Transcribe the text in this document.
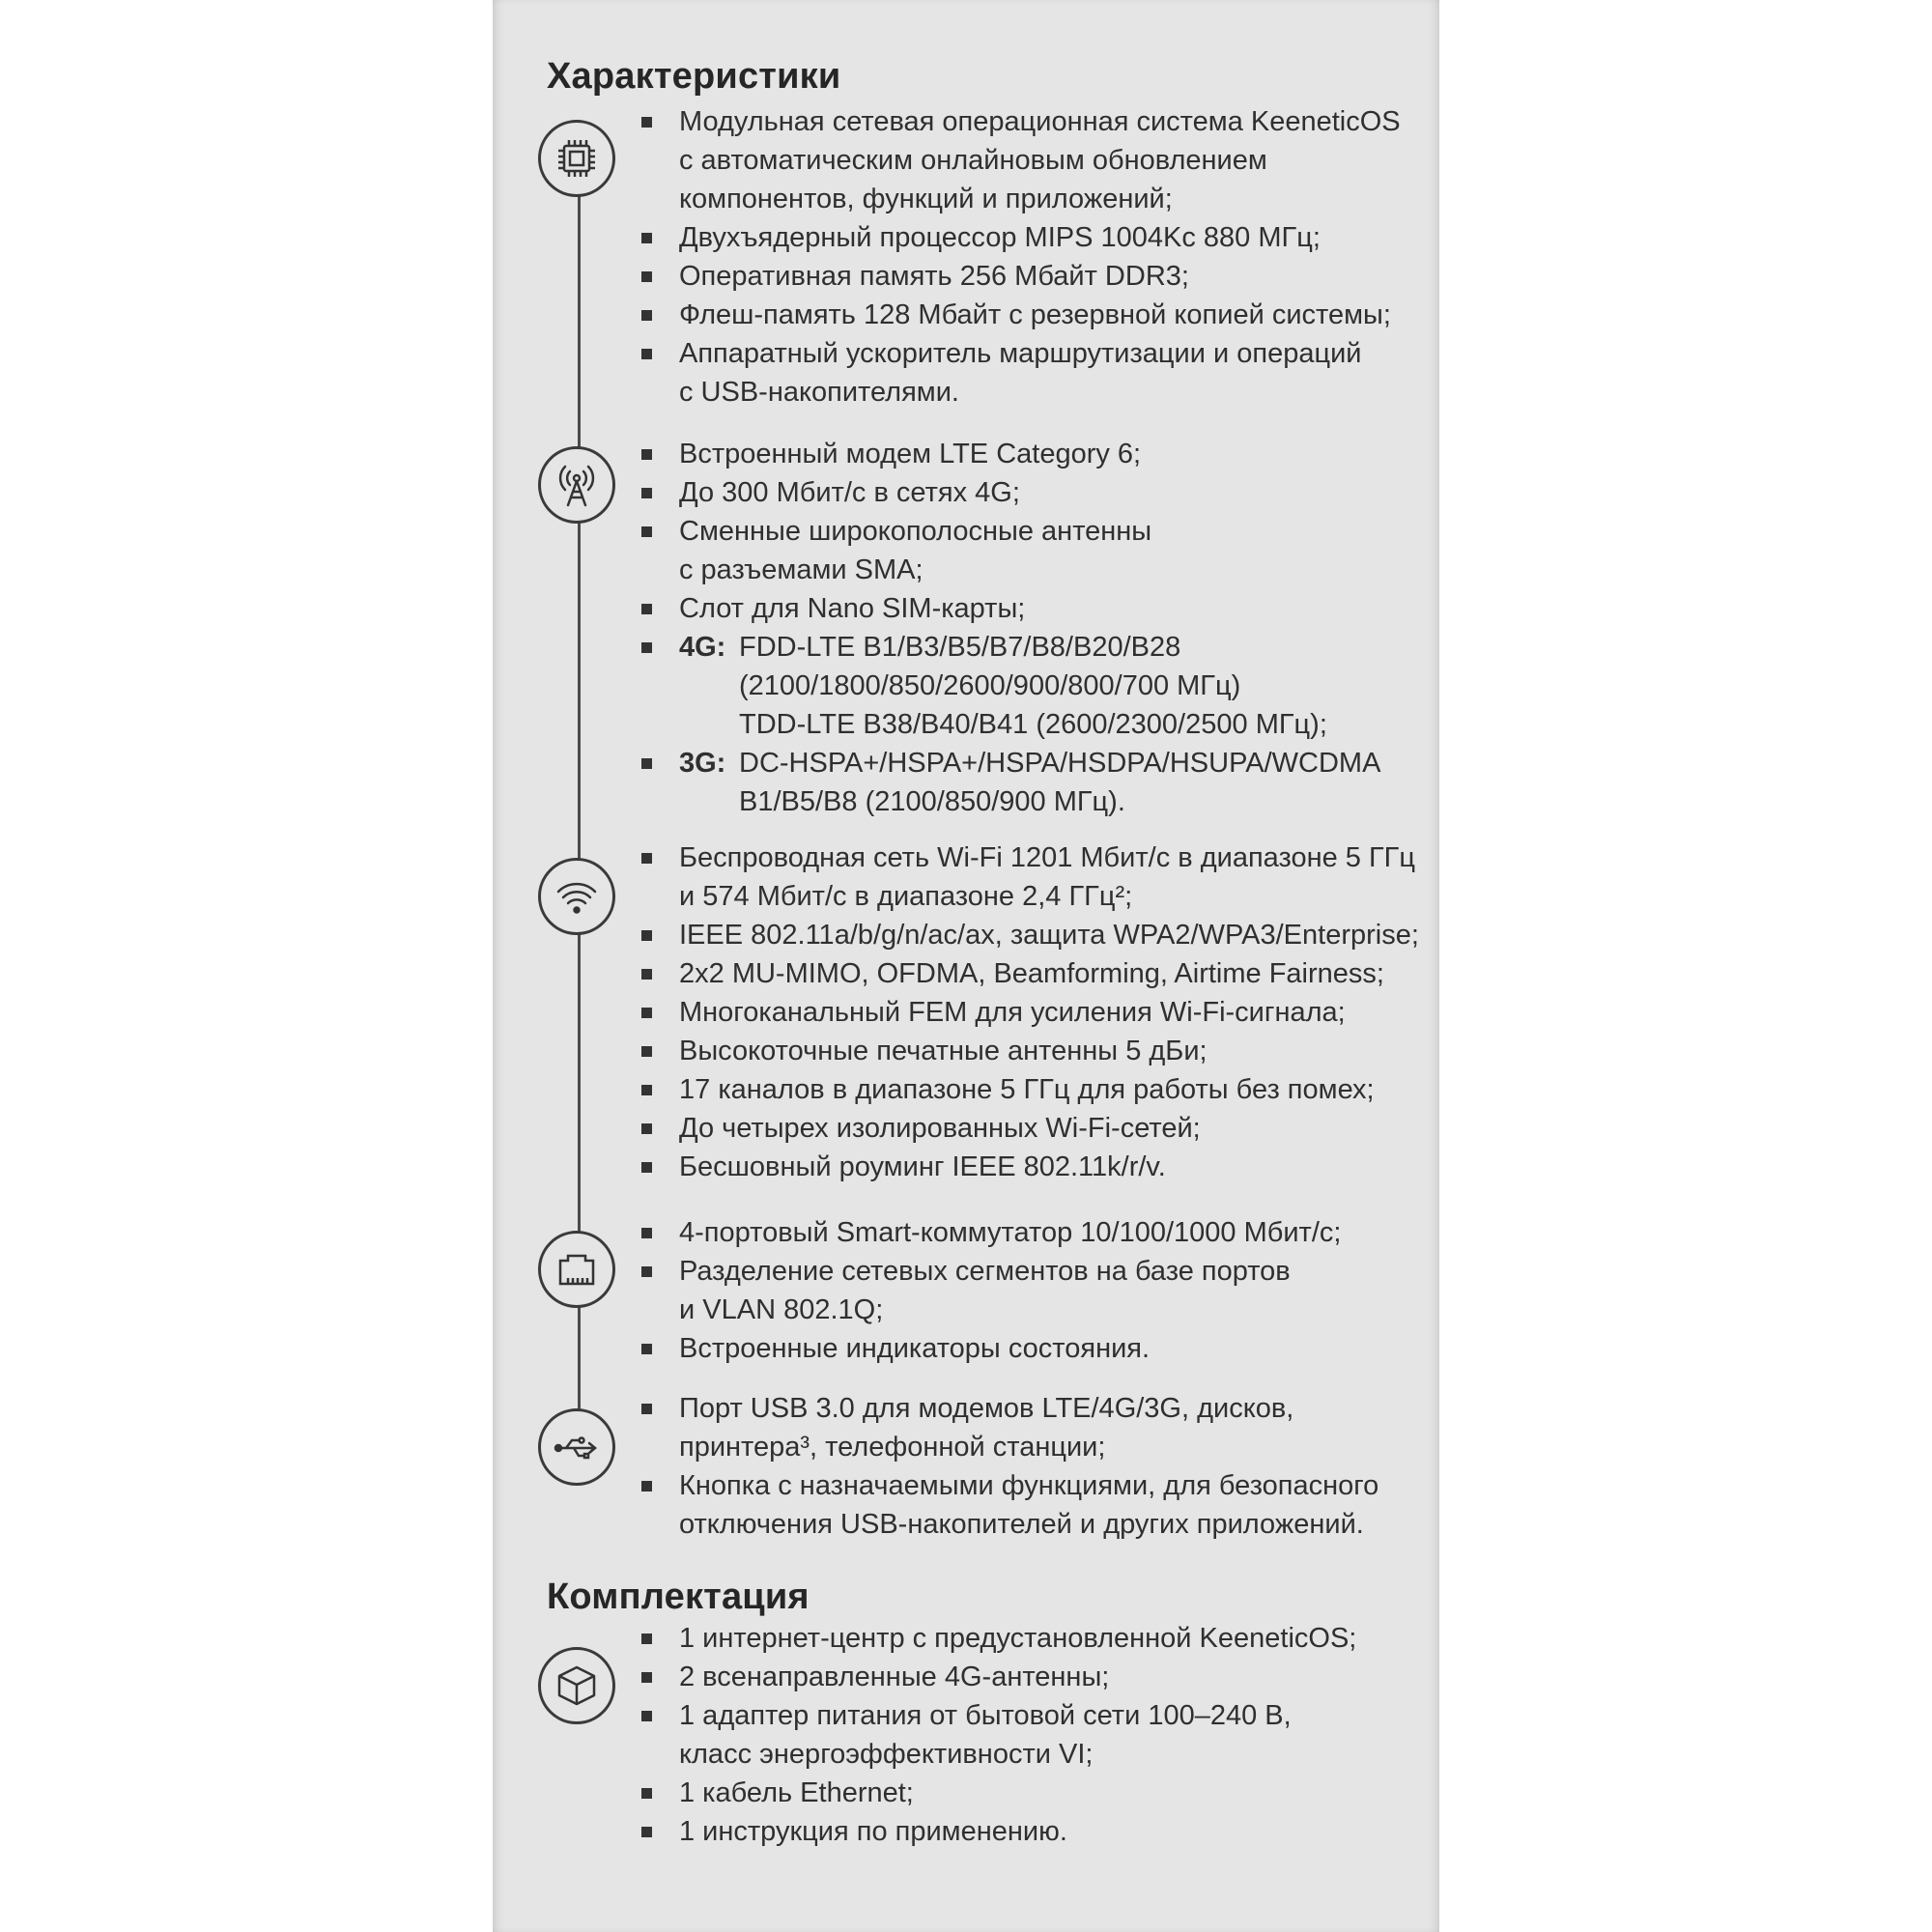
Характеристики
Модульная сетевая операционная система KeeneticOS
с автоматическим онлайновым обновлением
компонентов, функций и приложений;
Двухъядерный процессор MIPS 1004Kc 880 МГц;
Оперативная память 256 Мбайт DDR3;
Флеш-память 128 Мбайт с резервной копией системы;
Аппаратный ускоритель маршрутизации и операций
с USB-накопителями.
Встроенный модем LTE Category 6;
До 300 Мбит/с в сетях 4G;
Сменные широкополосные антенны
с разъемами SMA;
Слот для Nano SIM-карты;
4G: FDD-LTE B1/B3/B5/B7/B8/B20/B28
(2100/1800/850/2600/900/800/700 МГц)
TDD-LTE B38/B40/B41 (2600/2300/2500 МГц);
3G: DC-HSPA+/HSPA+/HSPA/HSDPA/HSUPA/WCDMA
B1/B5/B8 (2100/850/900 МГц).
Беспроводная сеть Wi-Fi 1201 Мбит/с в диапазоне 5 ГГц
и 574 Мбит/с в диапазоне 2,4 ГГц²;
IEEE 802.11a/b/g/n/ac/ax, защита WPA2/WPA3/Enterprise;
2x2 MU-MIMO, OFDMA, Beamforming, Airtime Fairness;
Многоканальный FEM для усиления Wi-Fi-сигнала;
Высокоточные печатные антенны 5 дБи;
17 каналов в диапазоне 5 ГГц для работы без помех;
До четырех изолированных Wi-Fi-сетей;
Бесшовный роуминг IEEE 802.11k/r/v.
4-портовый Smart-коммутатор 10/100/1000 Мбит/с;
Разделение сетевых сегментов на базе портов
и VLAN 802.1Q;
Встроенные индикаторы состояния.
Порт USB 3.0 для модемов LTE/4G/3G, дисков,
принтера³, телефонной станции;
Кнопка с назначаемыми функциями, для безопасного
отключения USB-накопителей и других приложений.
Комплектация
1 интернет-центр с предустановленной KeeneticOS;
2 всенаправленные 4G-антенны;
1 адаптер питания от бытовой сети 100–240 В,
класс энергоэффективности VI;
1 кабель Ethernet;
1 инструкция по применению.
